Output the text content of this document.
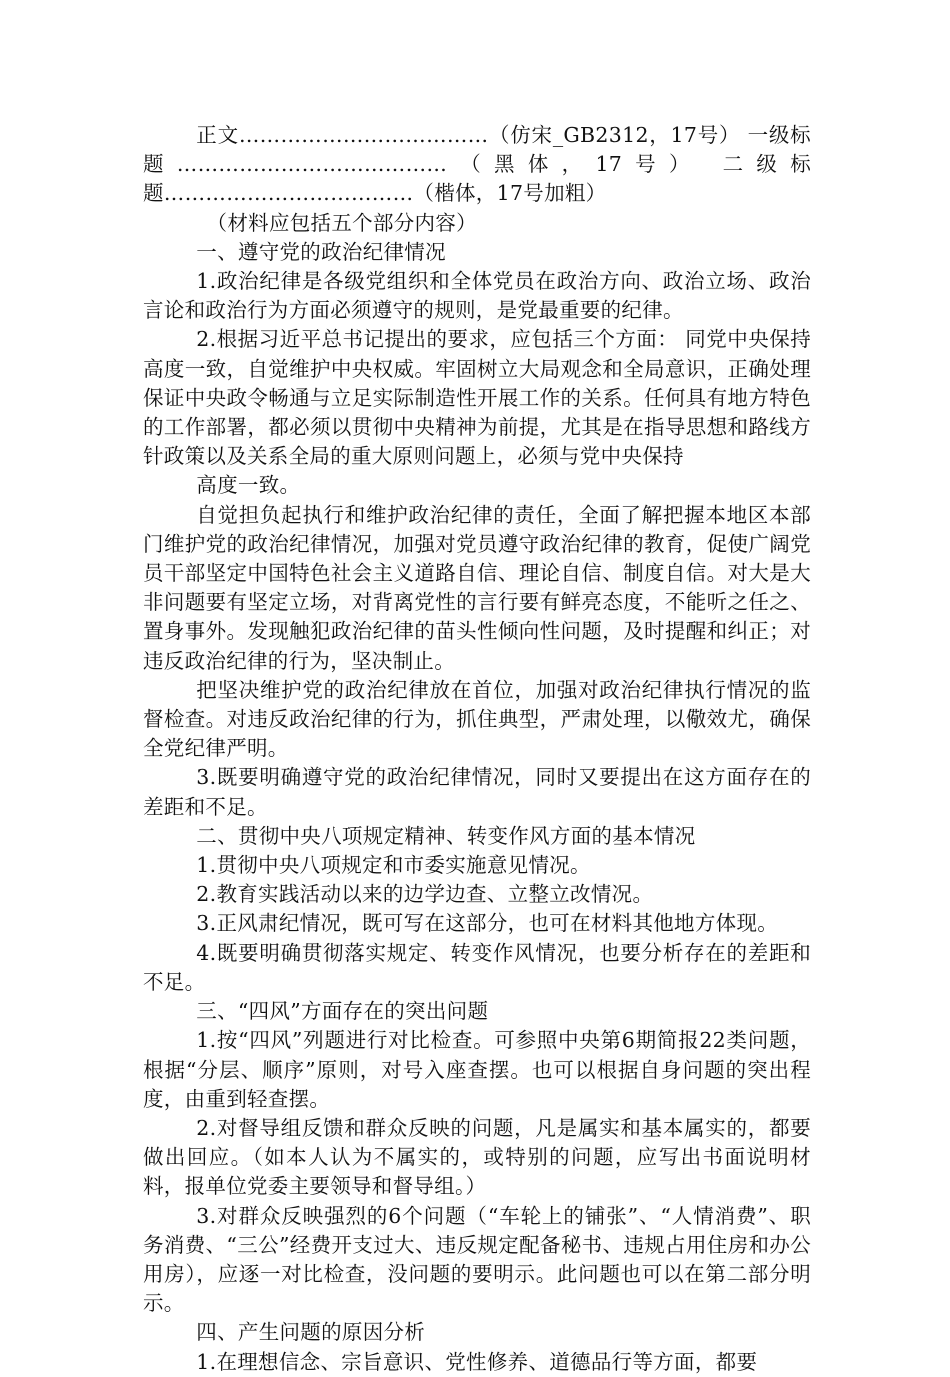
正文………………………………（仿宋_GB2312，17号） 一级标题…………………………………（黑体，17号） 二级标题………………………………（楷体，17号加粗）

（材料应包括五个部分内容）

一、遵守党的政治纪律情况

1.政治纪律是各级党组织和全体党员在政治方向、政治立场、政治言论和政治行为方面必须遵守的规则，是党最重要的纪律。

2.根据习近平总书记提出的要求，应包括三个方面： 同党中央保持高度一致，自觉维护中央权威。牢固树立大局观念和全局意识，正确处理保证中央政令畅通与立足实际制造性开展工作的关系。任何具有地方特色的工作部署，都必须以贯彻中央精神为前提，尤其是在指导思想和路线方针政策以及关系全局的重大原则问题上，必须与党中央保持

高度一致。

自觉担负起执行和维护政治纪律的责任，全面了解把握本地区本部门维护党的政治纪律情况，加强对党员遵守政治纪律的教育，促使广阔党员干部坚定中国特色社会主义道路自信、理论自信、制度自信。对大是大非问题要有坚定立场，对背离党性的言行要有鲜亮态度，不能听之任之、置身事外。发现触犯政治纪律的苗头性倾向性问题，及时提醒和纠正；对违反政治纪律的行为，坚决制止。

把坚决维护党的政治纪律放在首位，加强对政治纪律执行情况的监督检查。对违反政治纪律的行为，抓住典型，严肃处理，以儆效尤，确保全党纪律严明。

3.既要明确遵守党的政治纪律情况，同时又要提出在这方面存在的差距和不足。

二、贯彻中央八项规定精神、转变作风方面的基本情况

1.贯彻中央八项规定和市委实施意见情况。

2.教育实践活动以来的边学边查、立整立改情况。

3.正风肃纪情况，既可写在这部分，也可在材料其他地方体现。

4.既要明确贯彻落实规定、转变作风情况，也要分析存在的差距和不足。

三、“四风”方面存在的突出问题

1.按“四风”列题进行对比检查。可参照中央第6期简报22类问题，根据“分层、顺序”原则，对号入座查摆。也可以根据自身问题的突出程度，由重到轻查摆。

2.对督导组反馈和群众反映的问题，凡是属实和基本属实的，都要做出回应。（如本人认为不属实的，或特别的问题，应写出书面说明材料，报单位党委主要领导和督导组。）

3.对群众反映强烈的6个问题（“车轮上的铺张”、“人情消费”、职务消费、“三公”经费开支过大、违反规定配备秘书、违规占用住房和办公用房），应逐一对比检查，没问题的要明示。此问题也可以在第二部分明示。

四、产生问题的原因分析

1.在理想信念、宗旨意识、党性修养、道德品行等方面，都要
